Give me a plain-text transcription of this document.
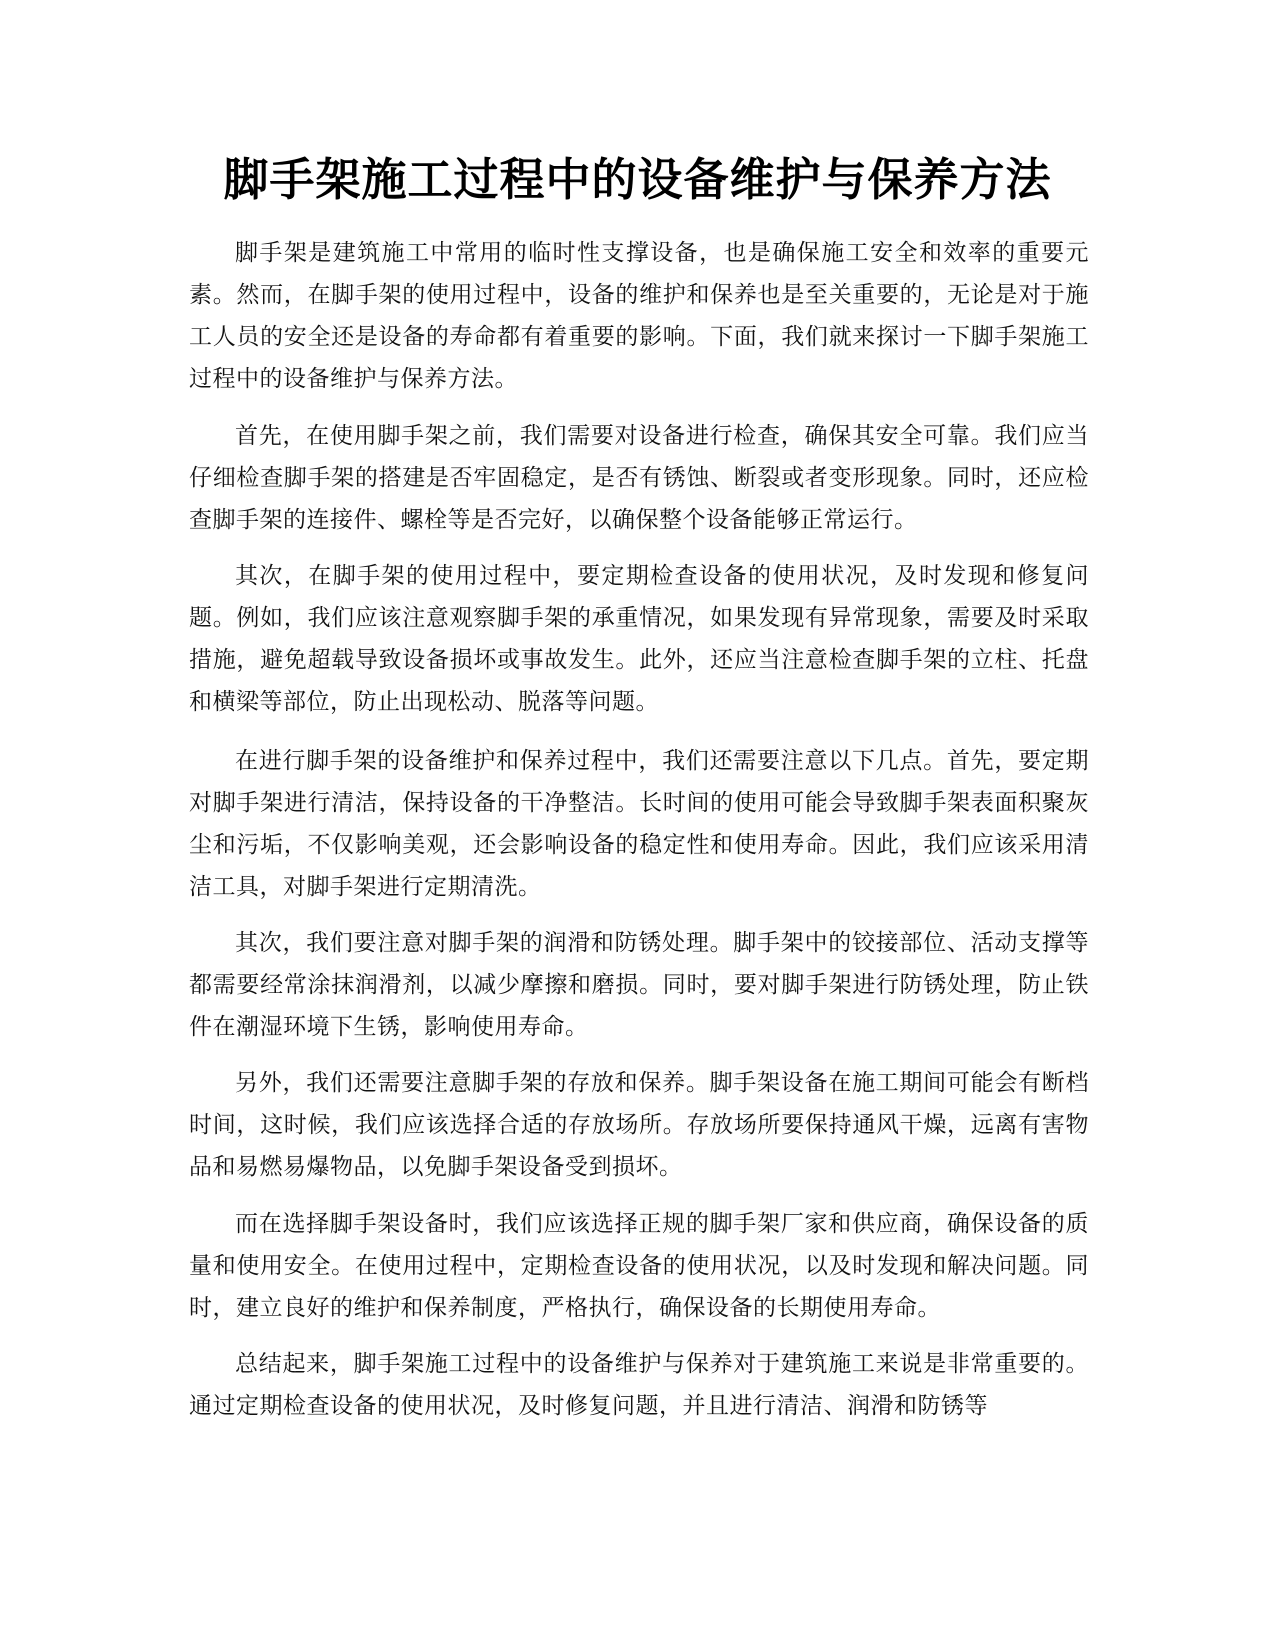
脚手架施工过程中的设备维护与保养方法

脚手架是建筑施工中常用的临时性支撑设备，也是确保施工安全和效率的重要元素。然而，在脚手架的使用过程中，设备的维护和保养也是至关重要的，无论是对于施工人员的安全还是设备的寿命都有着重要的影响。下面，我们就来探讨一下脚手架施工过程中的设备维护与保养方法。

首先，在使用脚手架之前，我们需要对设备进行检查，确保其安全可靠。我们应当仔细检查脚手架的搭建是否牢固稳定，是否有锈蚀、断裂或者变形现象。同时，还应检查脚手架的连接件、螺栓等是否完好，以确保整个设备能够正常运行。

其次，在脚手架的使用过程中，要定期检查设备的使用状况，及时发现和修复问题。例如，我们应该注意观察脚手架的承重情况，如果发现有异常现象，需要及时采取措施，避免超载导致设备损坏或事故发生。此外，还应当注意检查脚手架的立柱、托盘和横梁等部位，防止出现松动、脱落等问题。

在进行脚手架的设备维护和保养过程中，我们还需要注意以下几点。首先，要定期对脚手架进行清洁，保持设备的干净整洁。长时间的使用可能会导致脚手架表面积聚灰尘和污垢，不仅影响美观，还会影响设备的稳定性和使用寿命。因此，我们应该采用清洁工具，对脚手架进行定期清洗。

其次，我们要注意对脚手架的润滑和防锈处理。脚手架中的铰接部位、活动支撑等都需要经常涂抹润滑剂，以减少摩擦和磨损。同时，要对脚手架进行防锈处理，防止铁件在潮湿环境下生锈，影响使用寿命。

另外，我们还需要注意脚手架的存放和保养。脚手架设备在施工期间可能会有断档时间，这时候，我们应该选择合适的存放场所。存放场所要保持通风干燥，远离有害物品和易燃易爆物品，以免脚手架设备受到损坏。

而在选择脚手架设备时，我们应该选择正规的脚手架厂家和供应商，确保设备的质量和使用安全。在使用过程中，定期检查设备的使用状况，以及时发现和解决问题。同时，建立良好的维护和保养制度，严格执行，确保设备的长期使用寿命。

总结起来，脚手架施工过程中的设备维护与保养对于建筑施工来说是非常重要的。通过定期检查设备的使用状况，及时修复问题，并且进行清洁、润滑和防锈等
